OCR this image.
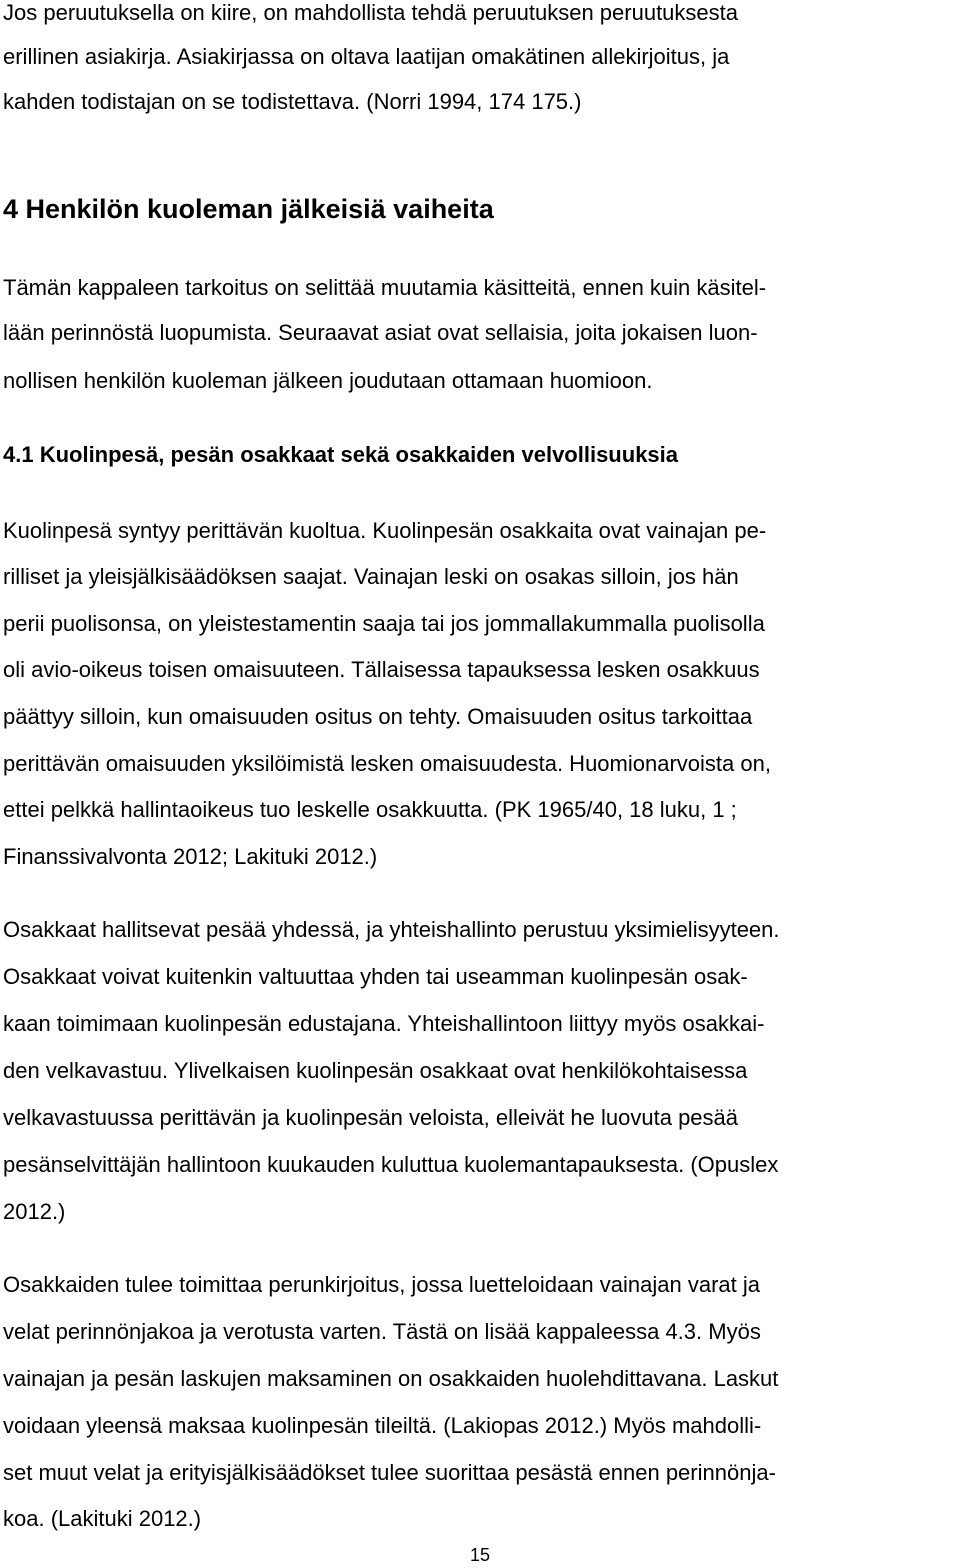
Jos peruutuksella on kiire, on mahdollista tehdä peruutuksen peruutuksesta

erillinen asiakirja. Asiakirjassa on oltava laatijan omakätinen allekirjoitus, ja

kahden todistajan on se todistettava. (Norri 1994, 174 175.)

4 Henkilön kuoleman jälkeisiä vaiheita

Tämän kappaleen tarkoitus on selittää muutamia käsitteitä, ennen kuin käsitel-

lään perinnöstä luopumista. Seuraavat asiat ovat sellaisia, joita jokaisen luon-

nollisen henkilön kuoleman jälkeen joudutaan ottamaan huomioon.

4.1 Kuolinpesä, pesän osakkaat sekä osakkaiden velvollisuuksia

Kuolinpesä syntyy perittävän kuoltua. Kuolinpesän osakkaita ovat vainajan pe-

rilliset ja yleisjälkisäädöksen saajat. Vainajan leski on osakas silloin, jos hän

perii puolisonsa, on yleistestamentin saaja tai jos jommallakummalla puolisolla

oli avio-oikeus toisen omaisuuteen. Tällaisessa tapauksessa lesken osakkuus

päättyy silloin, kun omaisuuden ositus on tehty. Omaisuuden ositus tarkoittaa

perittävän omaisuuden yksilöimistä lesken omaisuudesta. Huomionarvoista on,

ettei pelkkä hallintaoikeus tuo leskelle osakkuutta. (PK 1965/40, 18 luku, 1 ;

Finanssivalvonta 2012; Lakituki 2012.)

Osakkaat hallitsevat pesää yhdessä, ja yhteishallinto perustuu yksimielisyyteen.

Osakkaat voivat kuitenkin valtuuttaa yhden tai useamman kuolinpesän osak-

kaan toimimaan kuolinpesän edustajana. Yhteishallintoon liittyy myös osakkai-

den velkavastuu. Ylivelkaisen kuolinpesän osakkaat ovat henkilökohtaisessa

velkavastuussa perittävän ja kuolinpesän veloista, elleivät he luovuta pesää

pesänselvittäjän hallintoon kuukauden kuluttua kuolemantapauksesta. (Opuslex

2012.)

Osakkaiden tulee toimittaa perunkirjoitus, jossa luetteloidaan vainajan varat ja

velat perinnönjakoa ja verotusta varten. Tästä on lisää kappaleessa 4.3. Myös

vainajan ja pesän laskujen maksaminen on osakkaiden huolehdittavana. Laskut

voidaan yleensä maksaa kuolinpesän tileiltä. (Lakiopas 2012.) Myös mahdolli-

set muut velat ja erityisjälkisäädökset tulee suorittaa pesästä ennen perinnönja-

koa. (Lakituki 2012.)

15
